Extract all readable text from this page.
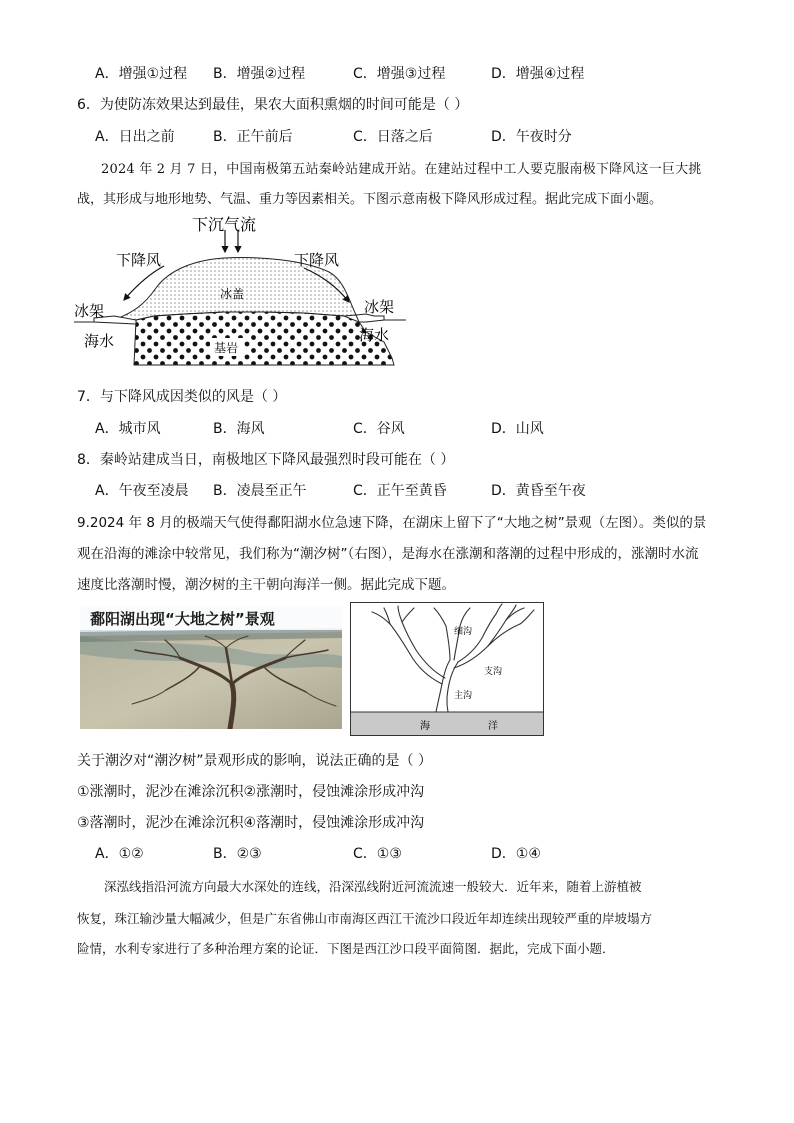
A．增强①过程 B．增强②过程	C．增强③过程	D．增强④过程
6．为使防冻效果达到最佳，果农大面积熏烟的时间可能是（ ）
A．日出之前	B．正午前后	C．日落之后	D．午夜时分
2024 年 2 月 7 日，中国南极第五站秦岭站建成开站。在建站过程中工人要克服南极下降风这一巨大挑
战，其形成与地形地势、气温、重力等因素相关。下图示意南极下降风形成过程。据此完成下面小题。
下沉气流
下降风	下降风
冰盖
冰架	冰架
海水	海水
基岩
7．与下降风成因类似的风是（ ）
A．城市风	B．海风	C．谷风	D．山风
8．秦岭站建成当日，南极地区下降风最强烈时段可能在（ ）
A．午夜至凌晨 B．凌晨至正午	C．正午至黄昏	D．黄昏至午夜
9.2024 年 8 月的极端天气使得鄱阳湖水位急速下降，在湖床上留下了“大地之树”景观（左图）。类似的景
观在沿海的滩涂中较常见，我们称为“潮汐树”（右图），是海水在涨潮和落潮的过程中形成的，涨潮时水流
速度比落潮时慢，潮汐树的主干朝向海洋一侧。据此完成下题。
鄱阳湖出现“大地之树”景观
细沟
支沟
主沟
海	洋
关于潮汐对“潮汐树”景观形成的影响，说法正确的是（ ）
①涨潮时，泥沙在滩涂沉积②涨潮时，侵蚀滩涂形成冲沟
③落潮时，泥沙在滩涂沉积④落潮时，侵蚀滩涂形成冲沟
A．①②	B．②③	C．①③	D．①④
深泓线指沿河流方向最大水深处的连线，沿深泓线附近河流流速一般较大．近年来，随着上游植被
恢复，珠江输沙量大幅减少，但是广东省佛山市南海区西江干流沙口段近年却连续出现较严重的岸坡塌方
险情，水利专家进行了多种治理方案的论证．下图是西江沙口段平面简图．据此，完成下面小题．
